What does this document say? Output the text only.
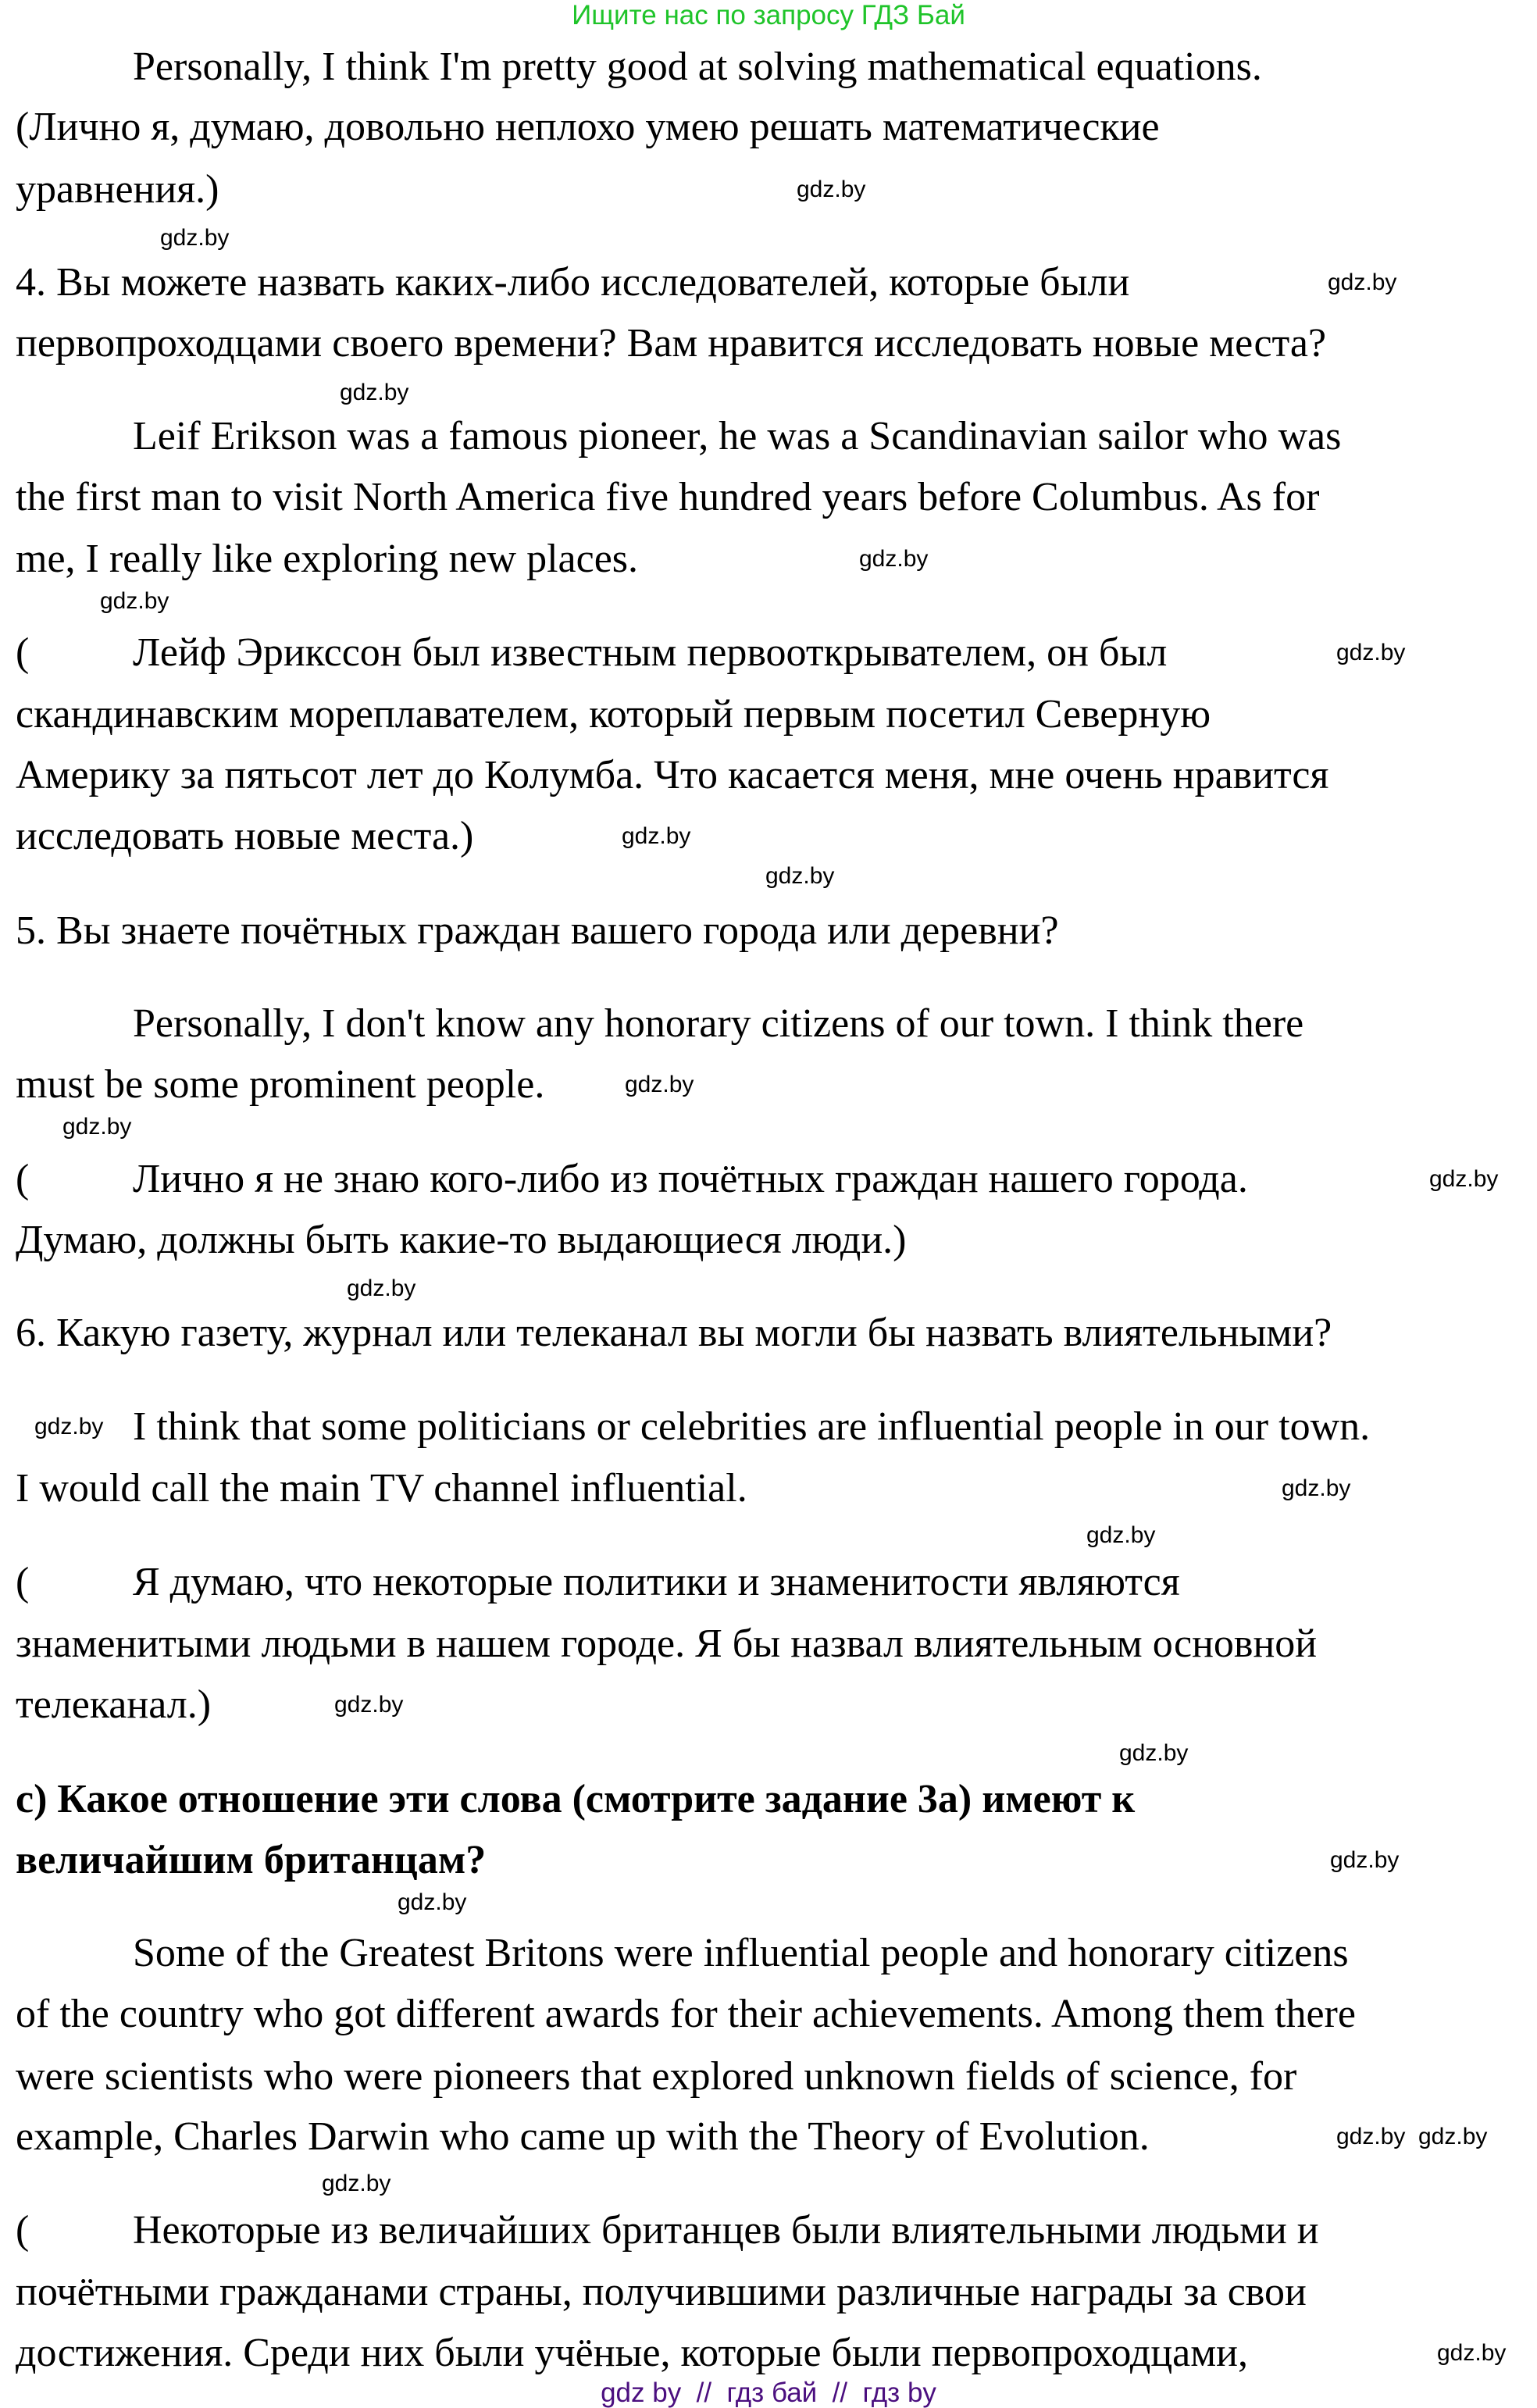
Ищите нас по запросу ГДЗ Бай
Personally, I think I'm pretty good at solving mathematical equations.
(Лично я, думаю, довольно неплохо умею решать математические
уравнения.)
4. Вы можете назвать каких-либо исследователей, которые были
первопроходцами своего времени? Вам нравится исследовать новые места?
Leif Erikson was a famous pioneer, he was a Scandinavian sailor who was
the first man to visit North America five hundred years before Columbus. As for
me, I really like exploring new places.
Лейф Эрикссон был известным первооткрывателем, он был
(
скандинавским мореплавателем, который первым посетил Северную
Америку за пятьсот лет до Колумба. Что касается меня, мне очень нравится
исследовать новые места.)
5. Вы знаете почётных граждан вашего города или деревни?
Personally, I don't know any honorary citizens of our town. I think there
must be some prominent people.
Лично я не знаю кого-либо из почётных граждан нашего города.
(
Думаю, должны быть какие-то выдающиеся люди.)
6. Какую газету, журнал или телеканал вы могли бы назвать влиятельными?
I think that some politicians or celebrities are influential people in our town.
I would call the main TV channel influential.
Я думаю, что некоторые политики и знаменитости являются
(
знаменитыми людьми в нашем городе. Я бы назвал влиятельным основной
телеканал.)
c) Какое отношение эти слова (смотрите задание 3a) имеют к
величайшим британцам?
Some of the Greatest Britons were influential people and honorary citizens
of the country who got different awards for their achievements. Among them there
were scientists who were pioneers that explored unknown fields of science, for
example, Charles Darwin who came up with the Theory of Evolution.
Некоторые из величайших британцев были влиятельными людьми и
(
почётными гражданами страны, получившими различные награды за свои
достижения. Среди них были учёные, которые были первопроходцами,
gdz.by
gdz.by
gdz.by
gdz.by
gdz.by
gdz.by
gdz.by
gdz.by
gdz.by
gdz.by
gdz.by
gdz.by
gdz.by
gdz.by
gdz.by
gdz.by
gdz.by
gdz.by
gdz.by
gdz.by
gdz.by gdz.by
gdz.by
gdz.by
gdz by  //  гдз бай  //  гдз by
